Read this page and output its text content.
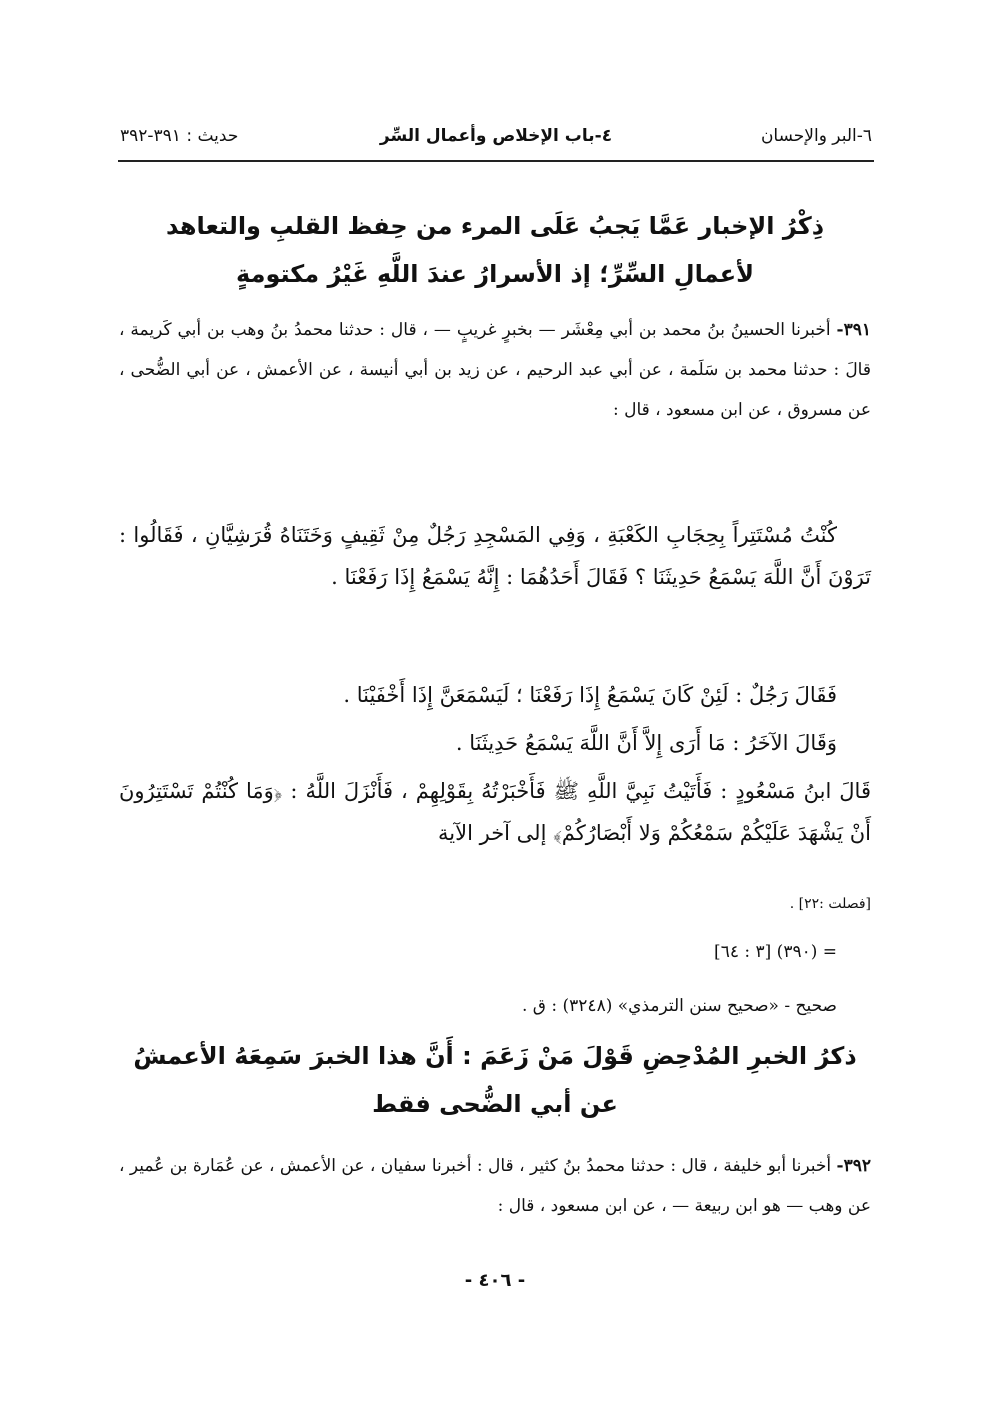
٦-البر والإحسان
٤-باب الإخلاص وأعمال السِّر
حديث : ٣٩١-٣٩٢
ذِكْرُ الإخبار عَمَّا يَجبُ عَلَى المرء من حِفظ القلبِ والتعاهد
لأعمالِ السِّرِّ؛ إذ الأسرارُ عندَ اللَّهِ غَيْرُ مكتومةٍ
٣٩١- أخبرنا الحسينُ بنُ محمد بن أبي مِعْشَر — بخبرٍ غريبٍ — ، قال : حدثنا محمدُ بنُ وهب بن أبي كَريمة ، قالَ : حدثنا محمد بن سَلَمة ، عن أبي عبد الرحيم ، عن زيد بن أبي أنيسة ، عن الأعمش ، عن أبي الضُّحى ، عن مسروق ، عن ابن مسعود ، قال :
كُنْتُ مُسْتَتِراً بِحِجَابِ الكَعْبَةِ ، وَفِي المَسْجِدِ رَجُلٌ مِنْ ثَقِيفٍ وَخَتَنَاهُ قُرَشِيَّانِ ، فَقَالُوا : تَرَوْنَ أَنَّ اللَّهَ يَسْمَعُ حَدِيثَنَا ؟ فَقَالَ أَحَدُهُمَا : إِنَّهُ يَسْمَعُ إِذَا رَفَعْنَا .
فَقَالَ رَجُلٌ : لَئِنْ كَانَ يَسْمَعُ إِذَا رَفَعْنَا ؛ لَيَسْمَعَنَّ إِذَا أَخْفَيْنَا .
وَقَالَ الآخَرُ : مَا أَرَى إِلاَّ أَنَّ اللَّهَ يَسْمَعُ حَدِيثَنَا .
قَالَ ابنُ مَسْعُودٍ : فَأَتَيْتُ نَبِيَّ اللَّهِ ﷺ فَأَخْبَرْتُهُ بِقَوْلِهِمْ ، فَأَنْزَلَ اللَّهُ : ﴿وَمَا كُنْتُمْ تَسْتَتِرُونَ أَنْ يَشْهَدَ عَلَيْكُمْ سَمْعُكُمْ وَلا أَبْصَارُكُمْ﴾ إلى آخر الآية
[فصلت :٢٢] .
= (٣٩٠) [٣ : ٦٤]
صحيح - «صحيح سنن الترمذي» (٣٢٤٨) : ق .
ذكرُ الخبرِ المُدْحِضِ قَوْلَ مَنْ زَعَمَ : أَنَّ هذا الخبرَ سَمِعَهُ الأعمشُ
عن أبي الضُّحى فقط
٣٩٢- أخبرنا أبو خليفة ، قال : حدثنا محمدُ بنُ كثير ، قال : أخبرنا سفيان ، عن الأعمش ، عن عُمَارة بن عُمير ، عن وهب — هو ابن ربيعة — ، عن ابن مسعود ، قال :
- ٤٠٦ -
